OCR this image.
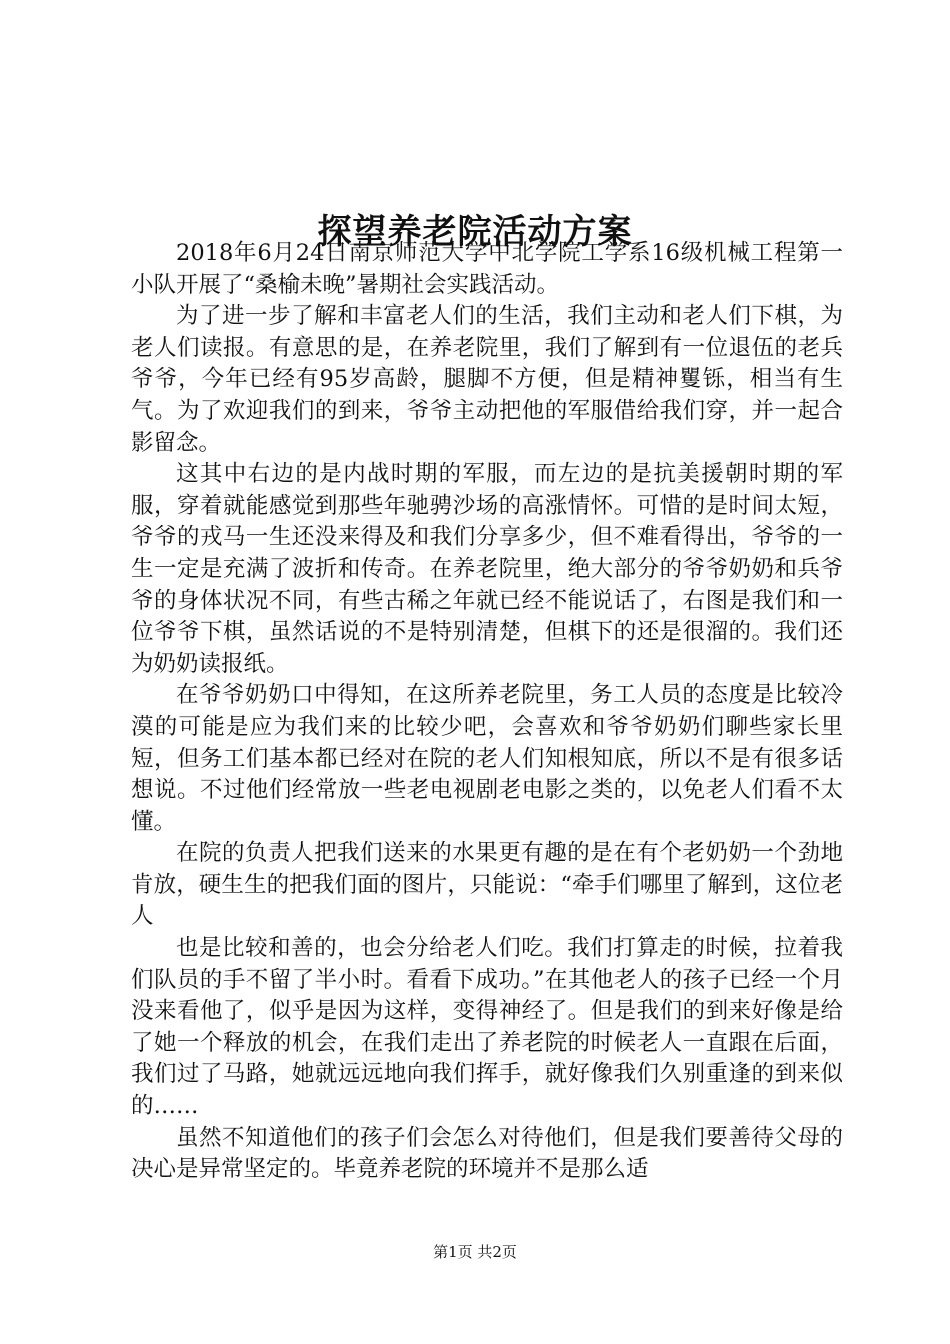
探望养老院活动方案

2018年6月24日南京师范大学中北学院工学系16级机械工程第一小队开展了“桑榆未晚”暑期社会实践活动。

为了进一步了解和丰富老人们的生活，我们主动和老人们下棋，为老人们读报。有意思的是，在养老院里，我们了解到有一位退伍的老兵爷爷，今年已经有95岁高龄，腿脚不方便，但是精神矍铄，相当有生气。为了欢迎我们的到来，爷爷主动把他的军服借给我们穿，并一起合影留念。

这其中右边的是内战时期的军服，而左边的是抗美援朝时期的军服，穿着就能感觉到那些年驰骋沙场的高涨情怀。可惜的是时间太短，爷爷的戎马一生还没来得及和我们分享多少，但不难看得出，爷爷的一生一定是充满了波折和传奇。在养老院里，绝大部分的爷爷奶奶和兵爷爷的身体状况不同，有些古稀之年就已经不能说话了，右图是我们和一位爷爷下棋，虽然话说的不是特别清楚，但棋下的还是很溜的。我们还为奶奶读报纸。

在爷爷奶奶口中得知，在这所养老院里，务工人员的态度是比较冷漠的可能是应为我们来的比较少吧，会喜欢和爷爷奶奶们聊些家长里短，但务工们基本都已经对在院的老人们知根知底，所以不是有很多话想说。不过他们经常放一些老电视剧老电影之类的，以免老人们看不太懂。

在院的负责人把我们送来的水果更有趣的是在有个老奶奶一个劲地肯放，硬生生的把我们面的图片，只能说：“牵手们哪里了解到，这位老人

也是比较和善的，也会分给老人们吃。我们打算走的时候，拉着我们队员的手不留了半小时。看看下成功。”在其他老人的孩子已经一个月没来看他了，似乎是因为这样，变得神经了。但是我们的到来好像是给了她一个释放的机会，在我们走出了养老院的时候老人一直跟在后面，我们过了马路，她就远远地向我们挥手，就好像我们久别重逢的到来似的……

虽然不知道他们的孩子们会怎么对待他们，但是我们要善待父母的决心是异常坚定的。毕竟养老院的环境并不是那么适

第1页 共2页
